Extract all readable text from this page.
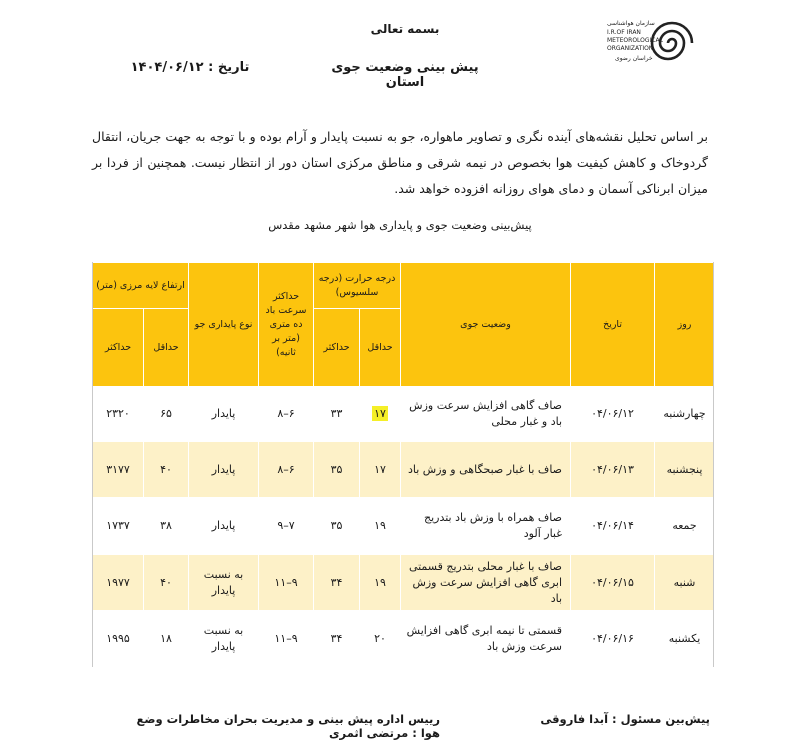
سازمان هواشناسی
I.R.OF IRAN
METEOROLOGICAL
ORGANIZATION
خراسان رضوی
بسمه تعالی
پیش بینی وضعیت جوی استان
تاریخ : ۱۴۰۴/۰۶/۱۲
بر اساس تحلیل نقشه‌های آینده نگری و تصاویر ماهواره، جو به نسبت پایدار و آرام بوده و با توجه به جهت جریان، انتقال گردوخاک و کاهش کیفیت هوا بخصوص در نیمه شرقی و مناطق مرکزی استان دور از انتظار نیست. همچنین از فردا بر میزان ابرناکی آسمان و دمای هوای روزانه افزوده خواهد شد.
پیش‌بینی وضعیت جوی و پایداری هوا شهر مشهد مقدس
روز	تاریخ	وضعیت جوی	درجه حرارت (درجه سلسیوس)		حداکثر سرعت باد ده متری (متر بر ثانیه)	نوع پایداری جو	ارتفاع لایه مرزی (متر)	
			حداقل	حداکثر			حداقل	حداکثر
چهارشنبه	۰۴/۰۶/۱۲	صاف گاهی افزایش سرعت وزش باد و غبار محلی	۱۷	۳۳	۶–۸	پایدار	۶۵	۲۳۲۰
پنجشنبه	۰۴/۰۶/۱۳	صاف با غبار صبحگاهی و وزش باد	۱۷	۳۵	۶–۸	پایدار	۴۰	۳۱۷۷
جمعه	۰۴/۰۶/۱۴	صاف همراه با وزش باد بتدریج غبار آلود	۱۹	۳۵	۷–۹	پایدار	۳۸	۱۷۳۷
شنبه	۰۴/۰۶/۱۵	صاف با غبار محلی بتدریج قسمتی ابری گاهی افزایش سرعت وزش باد	۱۹	۳۴	۹–۱۱	به نسبت پایدار	۴۰	۱۹۷۷
یکشنبه	۰۴/۰۶/۱۶	قسمتی تا نیمه ابری گاهی افزایش سرعت وزش باد	۲۰	۳۴	۹–۱۱	به نسبت پایدار	۱۸	۱۹۹۵
پیش‌بین مسئول : آبدا فاروقی
رییس اداره پیش بینی و مدیریت بحران مخاطرات وضع هوا : مرتضی اثمری
